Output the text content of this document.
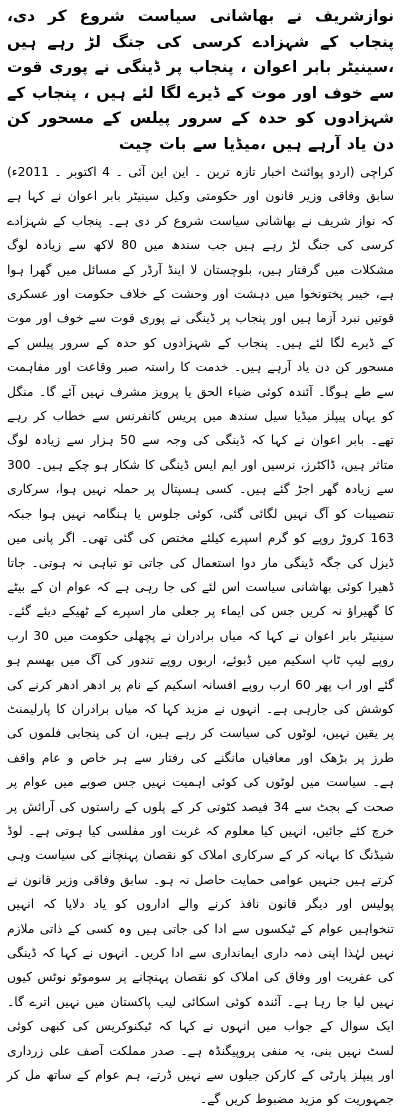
نوازشریف نے بھاشانی سیاست شروع کر دی، پنجاب کے شہزادے کرسی کی جنگ لڑ رہے ہیں ،سینیٹر بابر اعوان ، پنجاب پر ڈینگی نے پوری قوت سے خوف اور موت کے ڈیرے لگا لئے ہیں ، پنجاب کے شہزادوں کو حدہ کے سرور پیلس کے مسحور کن دن یاد آرہے ہیں ،میڈیا سے بات چیت

کراچی (اردو پوائنٹ اخبار تازہ ترین ۔ این این آئی ۔ 4 اکتوبر ۔ 2011ء) سابق وفاقی وزیر قانون اور حکومتی وکیل سینیٹر بابر اعوان نے کہا ہے کہ نواز شریف نے بھاشانی سیاست شروع کر دی ہے۔ پنجاب کے شہزادے کرسی کی جنگ لڑ رہے ہیں جب سندھ میں 80 لاکھ سے زیادہ لوگ مشکلات میں گرفتار ہیں، بلوچستان لا اینڈ آرڈر کے مسائل میں گھرا ہوا ہے، خیبر پختونخوا میں دہشت اور وحشت کے خلاف حکومت اور عسکری قوتیں نبرد آزما ہیں اور پنجاب پر ڈینگی نے پوری قوت سے خوف اور موت کے ڈیرے لگا لئے ہیں۔ پنجاب کے شہزادوں کو حدہ کے سرور پیلس کے مسحور کن دن یاد آرہے ہیں۔ خدمت کا راستہ صبر وقاعت اور مفاہمت سے طے ہوگا۔ آئندہ کوئی ضیاء الحق یا پرویز مشرف نہیں آئے گا۔ منگل کو یہاں پیپلز میڈیا سیل سندھ میں پریس کانفرنس سے خطاب کر رہے تھے۔ بابر اعوان نے کہا کہ ڈینگی کی وجہ سے 50 ہزار سے زیادہ لوگ متاثر ہیں، ڈاکٹرز، نرسیں اور ایم ایس ڈینگی کا شکار ہو چکے ہیں۔ 300 سے زیادہ گھر اجڑ گئے ہیں۔ کسی ہسپتال پر حملہ نہیں ہوا، سرکاری تنصیبات کو آگ نہیں لگائی گئی، کوئی جلوس یا ہنگامہ نہیں ہوا جبکہ 163 کروڑ روپے کو گرم اسپرے کیلئے مختص کی گئی تھی۔ اگر پانی میں ڈیزل کی جگہ ڈینگی مار دوا استعمال کی جاتی تو تباہی نہ ہوتی۔ جاتا ڈھیرا کوئی بھاشانی سیاست اس لئے کی جا رہی ہے کہ عوام ان کے بیٹے کا گھیراؤ نہ کریں جس کی ایماء پر جعلی مار اسپرے کے ٹھیکے دیئے گئے۔ سینیٹر بابر اعوان نے کہا کہ میاں برادران نے پچھلی حکومت میں 30 ارب روپے لیپ ٹاپ اسکیم میں ڈبوئے، اربوں روپے تندور کی آگ میں بھسم ہو گئے اور اب پھر 60 ارب روپے افسانہ اسکیم کے نام پر ادھر ادھر کرنے کی کوشش کی جارہی ہے۔ انہوں نے مزید کہا کہ میاں برادران کا پارلیمنٹ پر یقین نہیں، لوٹوں کی سیاست کر رہے ہیں، ان کی پنجابی فلموں کی طرز پر بڑھک اور معافیاں مانگنے کی رفتار سے ہر خاص و عام واقف ہے۔ سیاست میں لوٹوں کی کوئی اہمیت نہیں جس صوبے میں عوام پر صحت کے بجٹ سے 34 فیصد کٹوتی کر کے پلوں کے راستوں کی آرائش پر خرچ کئے جائیں، انہیں کیا معلوم کہ غربت اور مفلسی کیا ہوتی ہے۔ لوڈ شیڈنگ کا بہانہ کر کے سرکاری املاک کو نقصان پہنچانے کی سیاست وہی کرتے ہیں جنہیں عوامی حمایت حاصل نہ ہو۔ سابق وفاقی وزیر قانون نے پولیس اور دیگر قانون نافذ کرنے والے اداروں کو یاد دلایا کہ انہیں تنخواہیں عوام کے ٹیکسوں سے ادا کی جاتی ہیں وہ کسی کے ذاتی ملازم نہیں لہٰذا اپنی ذمہ داری ایمانداری سے ادا کریں۔ انہوں نے کہا کہ ڈینگی کی عفریت اور وفاق کی املاک کو نقصان پہنچانے پر سوموٹو نوٹس کیوں نہیں لیا جا رہا ہے۔ آئندہ کوئی اسکائی لیب پاکستان میں نہیں اترے گا۔ ایک سوال کے جواب میں انہوں نے کہا کہ ٹیکنوکریس کی کبھی کوئی لسٹ نہیں بنی، یہ منفی پروپیگنڈہ ہے۔ صدر مملکت آصف علی زرداری اور پیپلز پارٹی کے کارکن جیلوں سے نہیں ڈرتے، ہم عوام کے ساتھ مل کر جمہوریت کو مزید مضبوط کریں گے۔
